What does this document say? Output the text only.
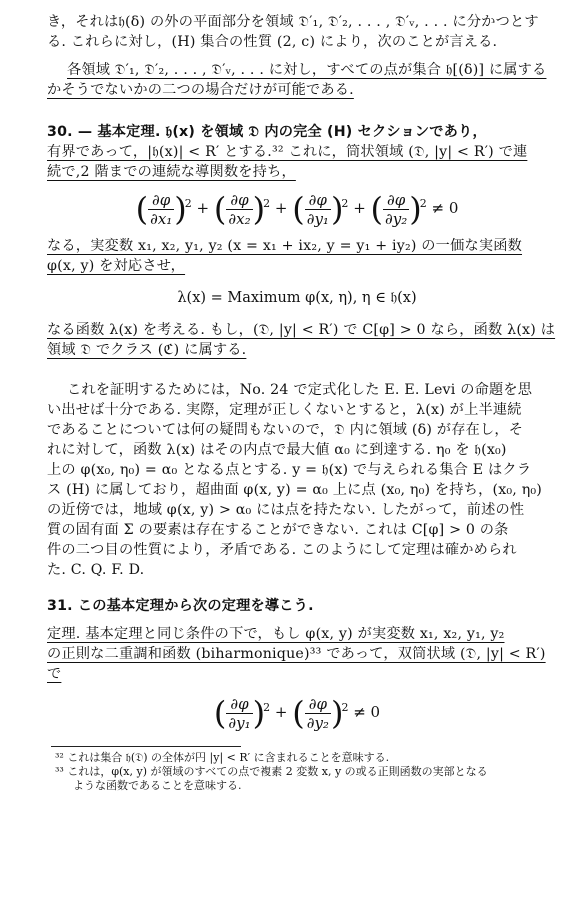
き，それは𝔥(δ) の外の平面部分を領域 𝔇′₁, 𝔇′₂, . . . , 𝔇′ᵥ, . . . に分かつとす
る. これらに対し，(H) 集合の性質 (2, c) により，次のことが言える.
各領域 𝔇′₁, 𝔇′₂, . . . , 𝔇′ᵥ, . . . に対し，すべての点が集合 𝔥[(δ)] に属する
かそうでないかの二つの場合だけが可能である.
30. — 基本定理. 𝔥(x) を領域 𝔇 内の完全 (H) セクションであり，
有界であって，|𝔥(x)| < R′ とする.³² これに，筒状領域 (𝔇, |y| < R′) で連
続で,2 階までの連続な導関数を持ち，
( $\frac{\partial\varphi}{\text{∂x₁}} )^2$ + ( $\frac{\partial\varphi}{\text{∂x₂}} )^2$ + ( $\frac{\partial\varphi}{\text{∂y₁}} )^2$ + ( $\frac{\partial\varphi}{\text{∂y₂}} )^2 \ne 0$
なる，実変数 x₁, x₂, y₁, y₂ (x = x₁ + ix₂, y = y₁ + iy₂) の一価な実函数
φ(x, y) を対応させ，
λ(x) = Maximum φ(x, η), η ∈ 𝔥(x)
なる函数 λ(x) を考える. もし，(𝔇, |y| < R′) で C[φ] > 0 なら，函数 λ(x) は
領域 𝔇 でクラス (ℭ) に属する.
これを証明するためには，No. 24 で定式化した E. E. Levi の命題を思
い出せば十分である. 実際，定理が正しくないとすると，λ(x) が上半連続
であることについては何の疑問もないので，𝔇 内に領域 (δ) が存在し，そ
れに対して，函数 λ(x) はその内点で最大値 α₀ に到達する. η₀ を 𝔥(x₀)
上の φ(x₀, η₀) = α₀ となる点とする. y = 𝔥(x) で与えられる集合 E はクラ
ス (H) に属しており，超曲面 φ(x, y) = α₀ 上に点 (x₀, η₀) を持ち，(x₀, η₀)
の近傍では，地域 φ(x, y) > α₀ には点を持たない. したがって，前述の性
質の固有面 Σ の要素は存在することができない. これは C[φ] > 0 の条
件の二つ目の性質により，矛盾である. このようにして定理は確かめられ
た. C. Q. F. D.
31. この基本定理から次の定理を導こう.
定理. 基本定理と同じ条件の下で，もし φ(x, y) が実変数 x₁, x₂, y₁, y₂
の正則な二重調和函数 (biharmonique)³³ であって，双筒状域 (𝔇, |y| < R′)
で
( $\frac{\partial\varphi}{\text{∂y₁}} )^2$ + ( $\frac{\partial\varphi}{\text{∂y₂}} )^2 \ne 0$
³² これは集合 𝔥(𝔇) の全体が円 |y| < R′ に含まれることを意味する.
³³ これは，φ(x, y) が領域のすべての点で複素 2 変数 x, y の或る正則函数の実部となる
ような函数であることを意味する.
